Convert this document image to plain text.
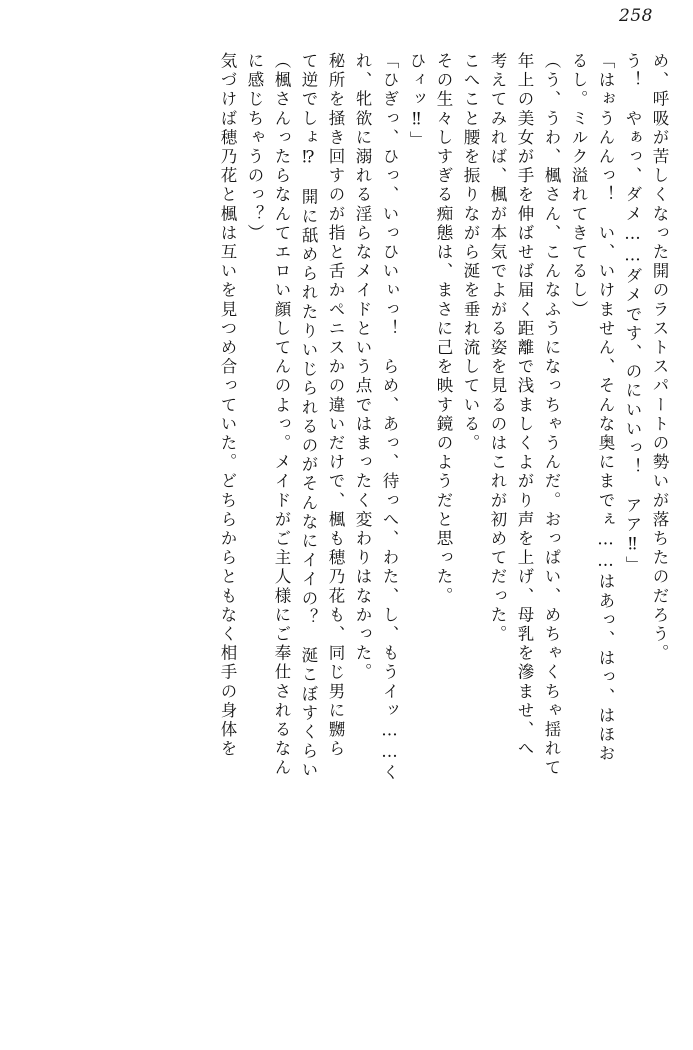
258
め、呼吸が苦しくなった開のラストスパートの勢いが落ちたのだろう。
う！　やぁっ、ダメ……ダメです、のにいいっ！　アア‼」
「はぉうんんっ！　い、いけません、そんな奥にまでぇ……はあっ、はっ、はほお
るし。ミルク溢れてきてるし）
（う、うわ、楓さん、こんなふうになっちゃうんだ。おっぱい、めちゃくちゃ揺れて
年上の美女が手を伸ばせば届く距離で浅ましくよがり声を上げ、母乳を滲ませ、へ
考えてみれば、楓が本気でよがる姿を見るのはこれが初めてだった。
こへこと腰を振りながら涎を垂れ流している。
その生々しすぎる痴態は、まさに己を映す鏡のようだと思った。
ひィッ‼」
「ひぎっ、ひっ、いっひいぃっ！　らめ、あっ、待っへ、わた、し、もうイッ……く
れ、牝欲に溺れる淫らなメイドという点ではまったく変わりはなかった。
秘所を掻き回すのが指と舌かペニスかの違いだけで、楓も穂乃花も、同じ男に嬲ら
て逆でしょ⁉　開に舐められたりいじられるのがそんなにイイの？　涎こぼすくらい
（楓さんったらなんてエロい顔してんのよっ。メイドがご主人様にご奉仕されるなん
に感じちゃうのっ？）
気づけば穂乃花と楓は互いを見つめ合っていた。どちらからともなく相手の身体を
